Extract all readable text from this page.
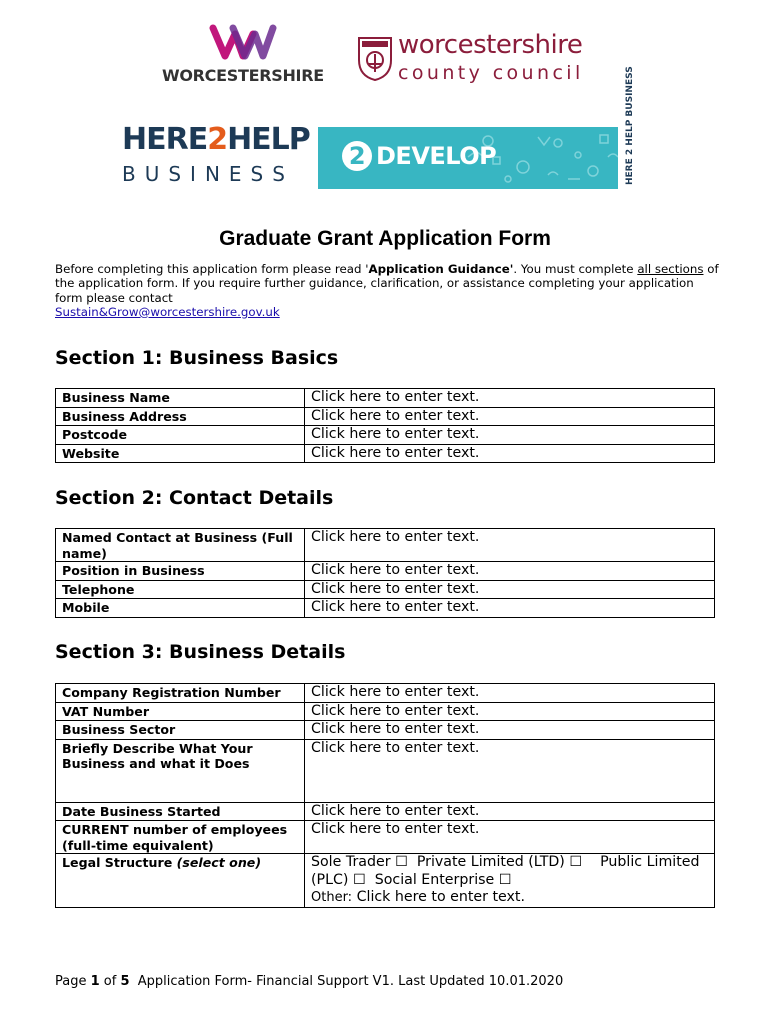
WORCESTERSHIRE
worcestershire
county council
HERE2HELP
BUSINESS
2 DEVELOP	HERE 2 HELP BUSINESS
Graduate Grant Application Form
Before completing this application form please read 'Application Guidance'. You must complete all sections of the application form. If you require further guidance, clarification, or assistance completing your application form please contact
Sustain&Grow@worcestershire.gov.uk
Section 1: Business Basics
Business Name	Click here to enter text.
Business Address	Click here to enter text.
Postcode	Click here to enter text.
Website	Click here to enter text.
Section 2: Contact Details
Named Contact at Business (Full name)	Click here to enter text.
Position in Business	Click here to enter text.
Telephone	Click here to enter text.
Mobile	Click here to enter text.
Section 3: Business Details
Company Registration Number	Click here to enter text.
VAT Number	Click here to enter text.
Business Sector	Click here to enter text.
Briefly Describe What Your Business and what it Does	Click here to enter text.
Date Business Started	Click here to enter text.
CURRENT number of employees (full-time equivalent)	Click here to enter text.
Legal Structure (select one)	Sole Trader ☐ Private Limited (LTD) ☐ Public Limited (PLC) ☐ Social Enterprise ☐
Other: Click here to enter text.
Page 1 of 5  Application Form- Financial Support V1. Last Updated 10.01.2020
